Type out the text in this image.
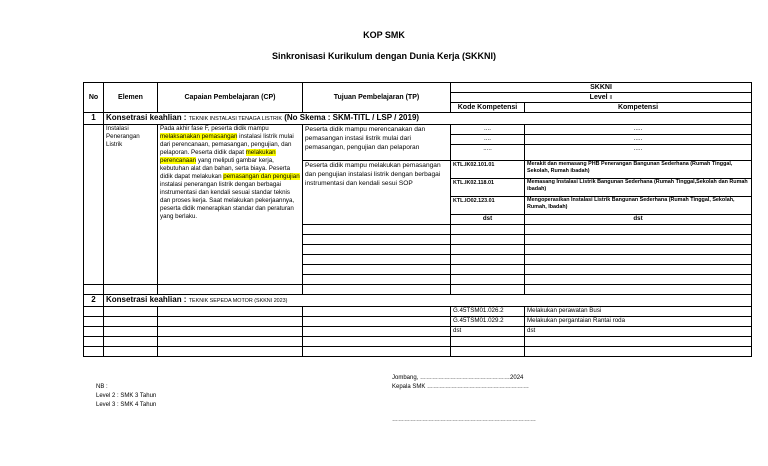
KOP SMK
Sinkronisasi Kurikulum dengan Dunia Kerja (SKKNI)
No	Elemen	Capaian Pembelajaran (CP)	Tujuan Pembelajaran (TP)	SKKNI	
				Level II	
				Kode Kompetensi	Kompetensi
1	Konsetrasi keahlian : TEKNIK INSTALASI TENAGA LISTRIK (No Skema : SKM-TITL / LSP / 2019)				
	Instalasi Penerangan Listrik	Pada akhir fase F, peserta didik mampu melaksanakan pemasangan instalasi listrik mulai dari perencanaan, pemasangan, pengujian, dan pelaporan. Peserta didik dapat melakukan perencanaan yang meliputi gambar kerja, kebutuhan alat dan bahan, serta biaya. Peserta didik dapat melakukan pemasangan dan pengujian instalasi penerangan listrik dengan berbagai instrumentasi dan kendali sesuai standar teknis dan proses kerja. Saat melakukan pekerjaannya, peserta didik menerapkan standar dan peraturan yang berlaku.	Peserta didik mampu merencanakan dan pemasangan instasi listrik mulai dari pemasangan, pengujian dan pelaporan	....	.....
				....	.....
				.....	.....
			Peserta didik mampu melakukan pemasangan dan pengujian instalasi listrik dengan berbagai instrumentasi dan kendali sesui SOP	KTL.IK02.101.01	Merakit dan memasang PHB Penerangan Bangunan Sederhana (Rumah Tinggal, Sekolah, Rumah ibadah)
				KTL.IK02.118.01	Memasang Instalasi Listrik Bangunan Sederhana (Rumah Tinggal,Sekolah dan Rumah ibadah)
				KTL.IO02.123.01	Mengoperasikan Instalasi Listrik Bangunan Sederhana (Rumah Tinggal, Sekolah, Rumah, Ibadah)
				dst	dst

2	Konsetrasi keahlian : TEKNIK SEPEDA MOTOR (SKKNI 2023)				
				G.45TSM01.026.2	Melakukan perawatan Busi
				G.45TSM01.029.2	Melakukan pergantaian Rantai roda
				dst	dst

NB :
Level 2 : SMK 3 Tahun
Level 3 : SMK 4 Tahun
Jombang, ………………………………………2024
Kepala SMK ……………………………………………
………………………………………………………………
